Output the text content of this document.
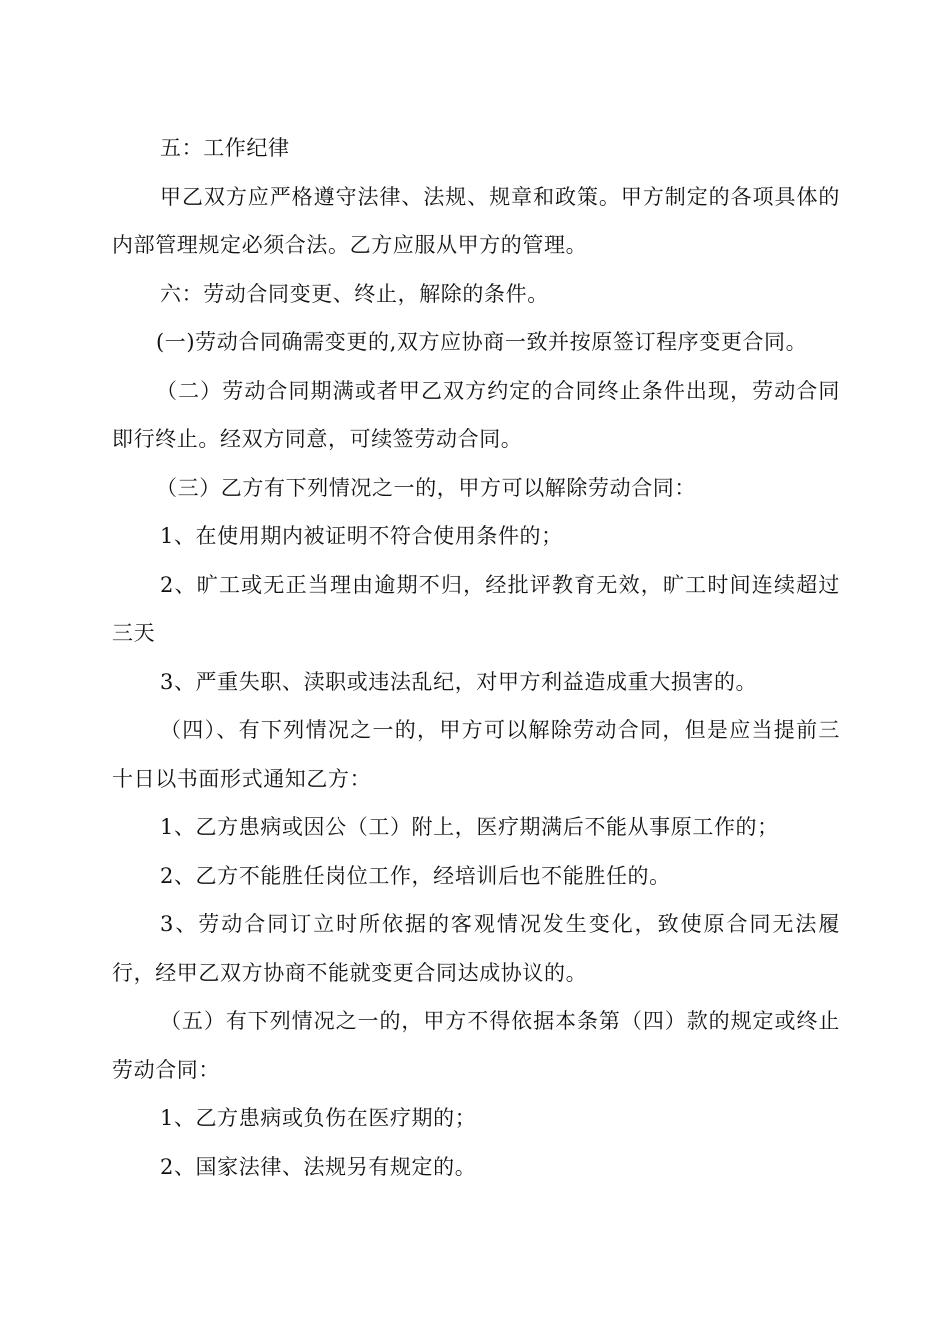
五：工作纪律

甲乙双方应严格遵守法律、法规、规章和政策。甲方制定的各项具体的内部管理规定必须合法。乙方应服从甲方的管理。

六：劳动合同变更、终止，解除的条件。

(一)劳动合同确需变更的,双方应协商一致并按原签订程序变更合同。

（二）劳动合同期满或者甲乙双方约定的合同终止条件出现，劳动合同即行终止。经双方同意，可续签劳动合同。

（三）乙方有下列情况之一的，甲方可以解除劳动合同：

1、在使用期内被证明不符合使用条件的；

2、旷工或无正当理由逾期不归，经批评教育无效，旷工时间连续超过三天

3、严重失职、渎职或违法乱纪，对甲方利益造成重大损害的。

（四）、有下列情况之一的，甲方可以解除劳动合同，但是应当提前三十日以书面形式通知乙方：

1、乙方患病或因公（工）附上，医疗期满后不能从事原工作的；

2、乙方不能胜任岗位工作，经培训后也不能胜任的。

3、劳动合同订立时所依据的客观情况发生变化，致使原合同无法履行，经甲乙双方协商不能就变更合同达成协议的。

（五）有下列情况之一的，甲方不得依据本条第（四）款的规定或终止劳动合同：

1、乙方患病或负伤在医疗期的；

2、国家法律、法规另有规定的。
